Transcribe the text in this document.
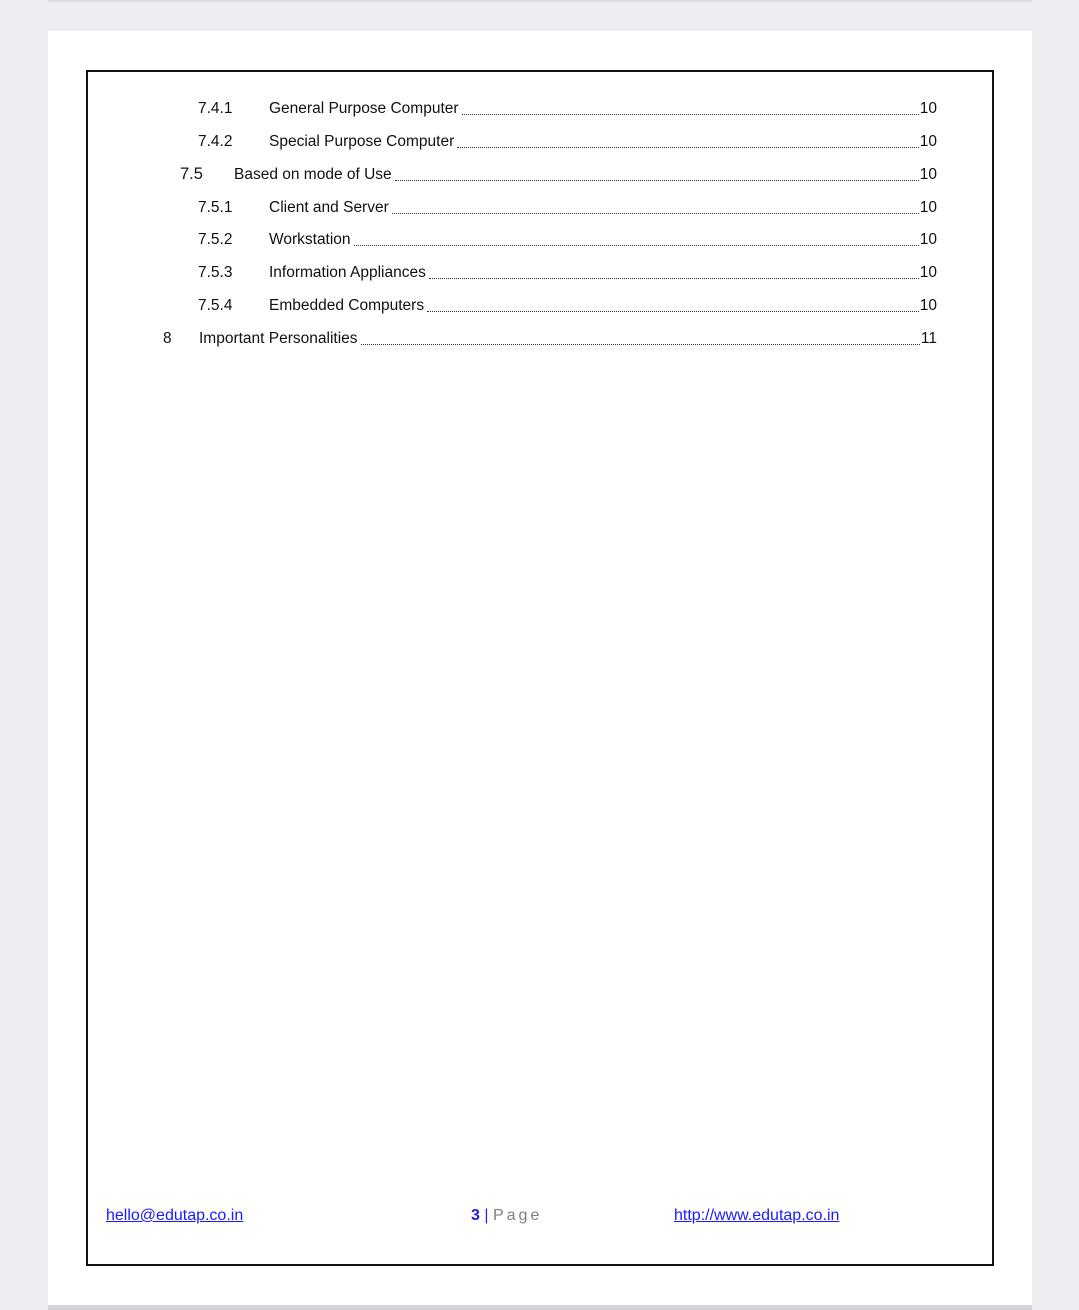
7.4.1	General Purpose Computer	10
7.4.2	Special Purpose Computer	10
7.5	Based on mode of Use	10
7.5.1	Client and Server	10
7.5.2	Workstation	10
7.5.3	Information Appliances	10
7.5.4	Embedded Computers	10
8	Important Personalities	11
hello@edutap.co.in	3 | Page	http://www.edutap.co.in
